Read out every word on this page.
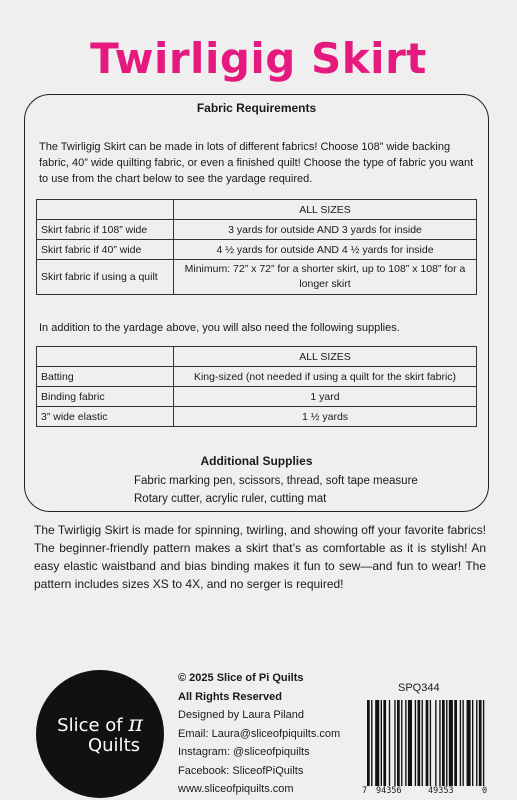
Twirligig Skirt
Fabric Requirements
The Twirligig Skirt can be made in lots of different fabrics! Choose 108” wide backing fabric, 40” wide quilting fabric, or even a finished quilt! Choose the type of fabric you want to use from the chart below to see the yardage required.
	ALL SIZES
Skirt fabric if 108” wide	3 yards for outside AND 3 yards for inside
Skirt fabric if 40” wide	4 ½ yards for outside AND 4 ½ yards for inside
Skirt fabric if using a quilt	Minimum: 72” x 72” for a shorter skirt, up to 108” x 108” for a longer skirt
In addition to the yardage above, you will also need the following supplies.
	ALL SIZES
Batting	King-sized (not needed if using a quilt for the skirt fabric)
Binding fabric	1 yard
3” wide elastic	1 ½ yards
Additional Supplies
Fabric marking pen, scissors, thread, soft tape measure
Rotary cutter, acrylic ruler, cutting mat
The Twirligig Skirt is made for spinning, twirling, and showing off your favorite fabrics! The beginner-friendly pattern makes a skirt that’s as comfortable as it is stylish! An easy elastic waistband and bias binding makes it fun to sew—and fun to wear! The pattern includes sizes XS to 4X, and no serger is required!
Slice of π
Quilts
© 2025 Slice of Pi Quilts
All Rights Reserved
Designed by Laura Piland
Email: Laura@sliceofpiquilts.com
Instagram: @sliceofpiquilts
Facebook: SliceofPiQuilts
www.sliceofpiquilts.com
SPQ344
7 94356	49353	0
